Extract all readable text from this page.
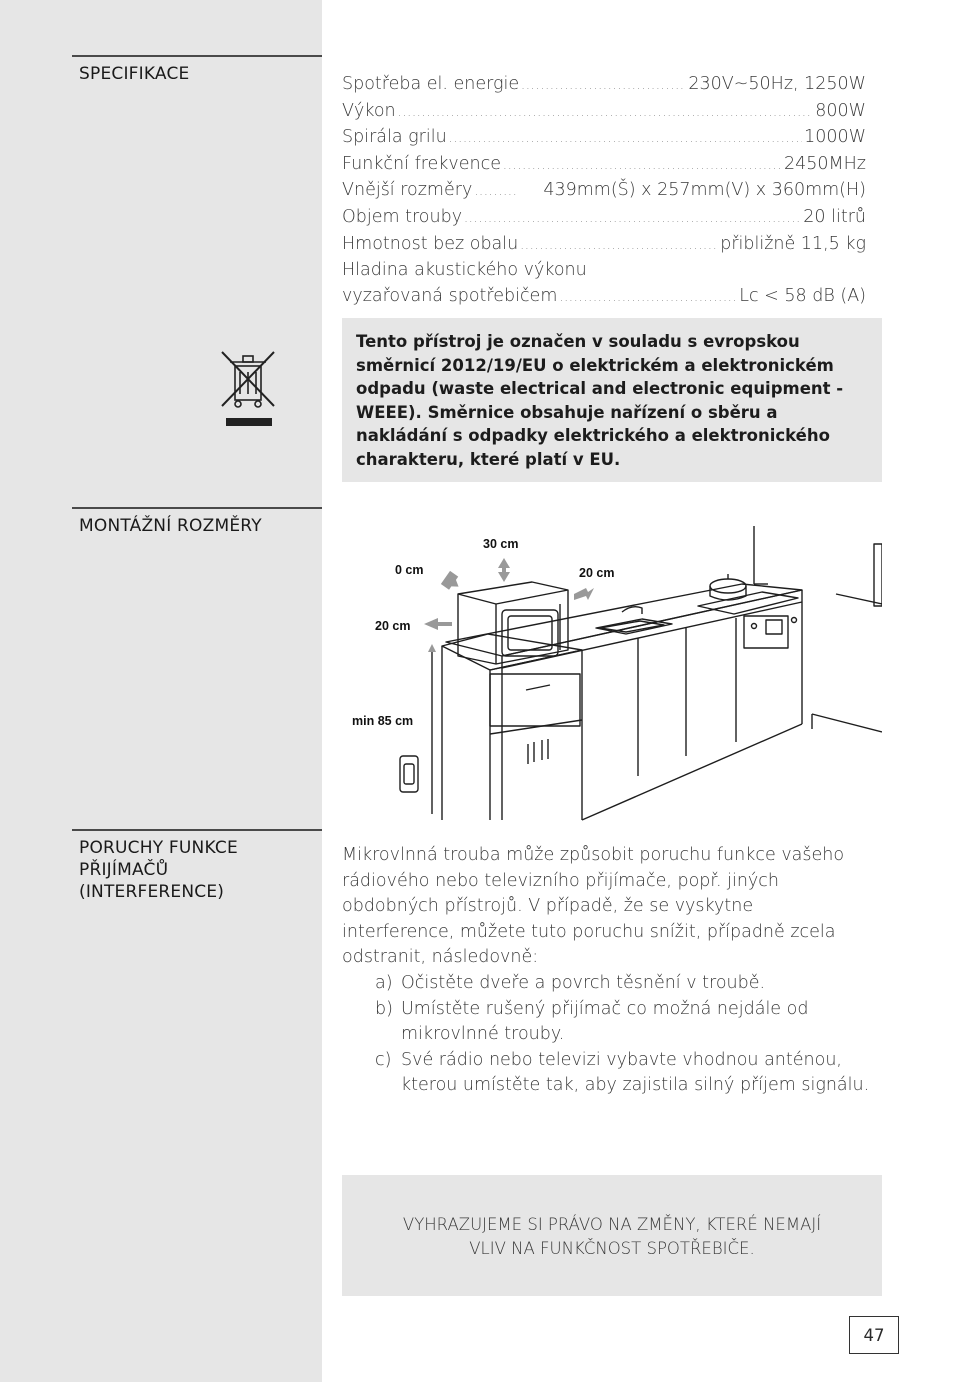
SPECIFIKACE	Spotřeba el. energie .....	230V~50Hz, 1250W
Výkon .....	800W
Spirála grilu .....	1000W
Funkční frekvence .....	2450MHz
Vnější rozměry .....	439mm(Š) x 257mm(V) x 360mm(H)
Objem trouby .....	20 litrů
Hmotnost bez obalu .....	přibližně 11,5 kg
Hladina akustického výkonu
vyzařovaná spotřebičem .....	Lc < 58 dB (A)
Tento přístroj je označen v souladu s evropskou směrnicí 2012/19/EU o elektrickém a elektronickém odpadu (waste electrical and electronic equipment - WEEE). Směrnice obsahuje nařízení o sběru a nakládání s odpadky elektrického a elektronického charakteru, které platí v EU.
MONTÁŽNÍ ROZMĚRY
30 cm
0 cm	20 cm
20 cm
min 85 cm
PORUCHY FUNKCE
PŘIJÍMAČŮ
(INTERFERENCE)

Mikrovlnná trouba může způsobit poruchu funkce vašeho rádiového nebo televizního přijímače, popř. jiných obdobných přístrojů. V případě, že se vyskytne interference, můžete tuto poruchu snížit, případně zcela odstranit, následovně:

a) Očistěte dveře a povrch těsnění v troubě.
b) Umístěte rušený přijímač co možná nejdále od mikrovlnné trouby.
c) Své rádio nebo televizi vybavte vhodnou anténou, kterou umístěte tak, aby zajistila silný příjem signálu.
VYHRAZUJEME SI PRÁVO NA ZMĚNY, KTERÉ NEMAJÍ
VLIV NA FUNKČNOST SPOTŘEBIČE.
47
